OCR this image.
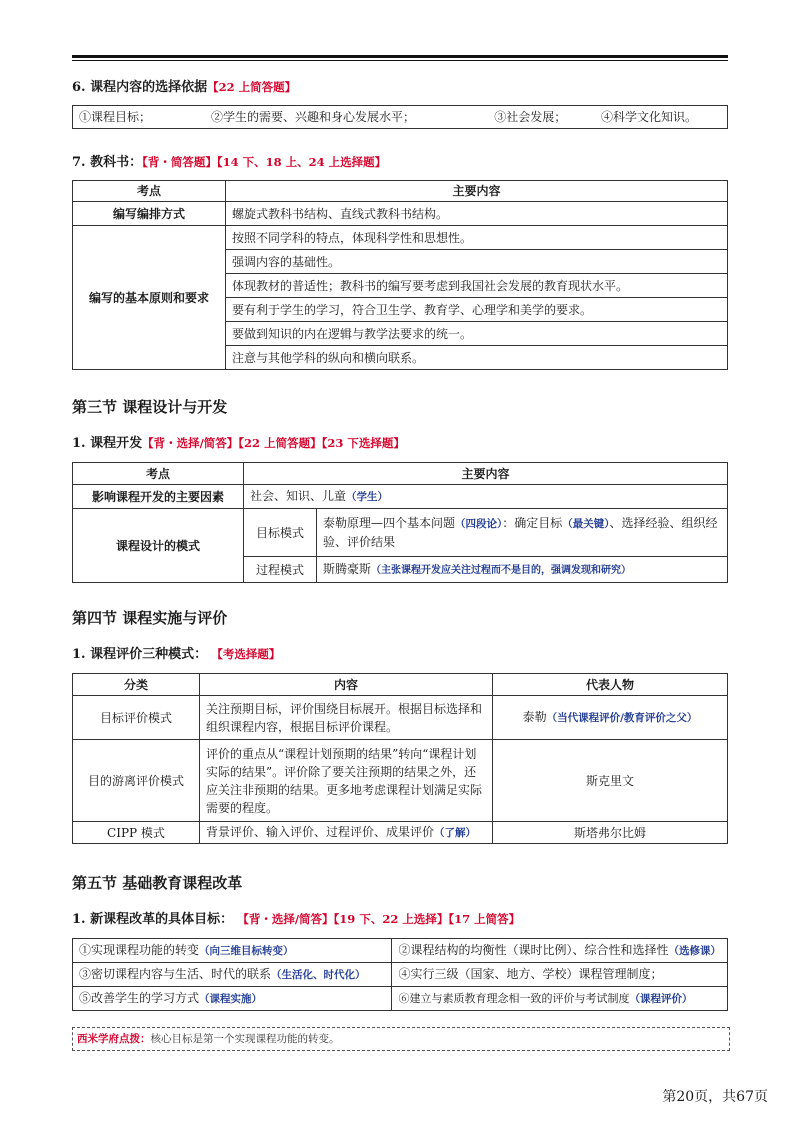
6. 课程内容的选择依据【22 上简答题】
①课程目标；	②学生的需要、兴趣和身心发展水平；	③社会发展；	④科学文化知识。
7. 教科书：【背・简答题】【14 下、18 上、24 上选择题】
考点	主要内容
编写编排方式	螺旋式教科书结构、直线式教科书结构。
编写的基本原则和要求	按照不同学科的特点，体现科学性和思想性。
	强调内容的基础性。
	体现教材的普适性；教科书的编写要考虑到我国社会发展的教育现状水平。
	要有利于学生的学习，符合卫生学、教育学、心理学和美学的要求。
	要做到知识的内在逻辑与教学法要求的统一。
	注意与其他学科的纵向和横向联系。
第三节 课程设计与开发
1. 课程开发【背・选择/简答】【22 上简答题】【23 下选择题】
考点	主要内容	
影响课程开发的主要因素	社会、知识、儿童（学生）	
课程设计的模式	目标模式	泰勒原理—四个基本问题（四段论）：确定目标（最关键）、选择经验、组织经验、评价结果
	过程模式	斯腾豪斯（主张课程开发应关注过程而不是目的，强调发现和研究）
第四节 课程实施与评价
1. 课程评价三种模式： 【考选择题】
分类	内容	代表人物
目标评价模式	关注预期目标，评价围绕目标展开。根据目标选择和组织课程内容，根据目标评价课程。	泰勒（当代课程评价/教育评价之父）
目的游离评价模式	评价的重点从“课程计划预期的结果”转向“课程计划实际的结果”。评价除了要关注预期的结果之外，还应关注非预期的结果。更多地考虑课程计划满足实际需要的程度。	斯克里文
CIPP 模式	背景评价、输入评价、过程评价、成果评价（了解）	斯塔弗尔比姆
第五节 基础教育课程改革
1. 新课程改革的具体目标： 【背・选择/简答】【19 下、22 上选择】【17 上简答】
①实现课程功能的转变（向三维目标转变）	②课程结构的均衡性（课时比例）、综合性和选择性（选修课）
③密切课程内容与生活、时代的联系（生活化、时代化）	④实行三级（国家、地方、学校）课程管理制度；
⑤改善学生的学习方式（课程实施）	⑥建立与素质教育理念相一致的评价与考试制度（课程评价）
西米学府点拨：核心目标是第一个实现课程功能的转变。
第20页，共67页
